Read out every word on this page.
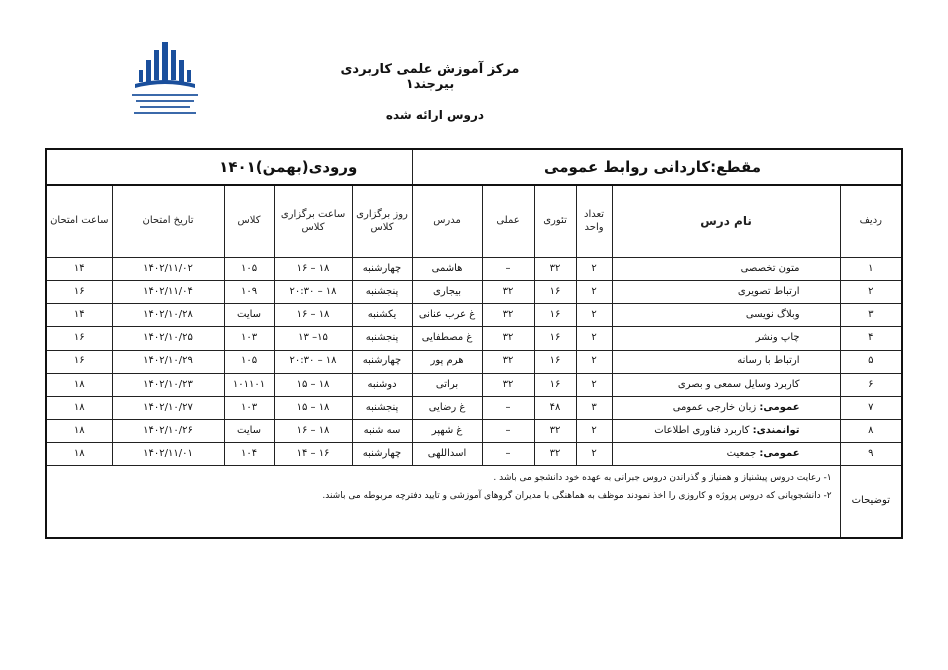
مرکز آموزش علمی کاربردی بیرجند۱
دروس ارائه شده
مقطع:کاردانی روابط عمومی						ورودی(بهمن)۱۴۰۱				
ردیف	نام درس	تعداد واحد	تئوری	عملی	مدرس	روز برگزاری کلاس	ساعت برگزاری کلاس	کلاس	تاریخ امتحان	ساعت امتحان
۱	متون تخصصی	۲	۳۲	–	هاشمی	چهارشنبه	۱۸ – ۱۶	۱۰۵	۱۴۰۲/۱۱/۰۲	۱۴
۲	ارتباط تصویری	۲	۱۶	۳۲	بیجاری	پنجشنبه	۱۸ – ۲۰:۳۰	۱۰۹	۱۴۰۲/۱۱/۰۴	۱۶
۳	وبلاگ نویسی	۲	۱۶	۳۲	غ عرب عنانی	یکشنبه	۱۸ – ۱۶	سایت	۱۴۰۲/۱۰/۲۸	۱۴
۴	چاپ ونشر	۲	۱۶	۳۲	غ مصطفایی	پنجشنبه	۱۵– ۱۳	۱۰۳	۱۴۰۲/۱۰/۲۵	۱۶
۵	ارتباط با رسانه	۲	۱۶	۳۲	هرم پور	چهارشنبه	۱۸ – ۲۰:۳۰	۱۰۵	۱۴۰۲/۱۰/۲۹	۱۶
۶	کاربرد وسایل سمعی و بصری	۲	۱۶	۳۲	براتی	دوشنبه	۱۸ – ۱۵	۱۰۱۱۰۱	۱۴۰۲/۱۰/۲۳	۱۸
۷	عمومی: زبان خارجی عمومی	۳	۴۸	–	غ رضایی	پنجشنبه	۱۸ – ۱۵	۱۰۳	۱۴۰۲/۱۰/۲۷	۱۸
۸	توانمندی: کاربرد فناوری اطلاعات	۲	۳۲	–	غ شهپر	سه شنبه	۱۸ – ۱۶	سایت	۱۴۰۲/۱۰/۲۶	۱۸
۹	عمومی: جمعیت	۲	۳۲	–	اسداللهی	چهارشنبه	۱۶ – ۱۴	۱۰۴	۱۴۰۲/۱۱/۰۱	۱۸
توضیحات	۱- رعایت دروس پیشنیاز و همنیاز و گذراندن دروس جبرانی به عهده خود دانشجو می باشد .
۲- دانشجویانی که دروس پروژه و کاروزی را اخذ نمودند موظف به هماهنگی با مدیران گروهای آموزشی و تایید دفترچه مربوطه می باشند.									
